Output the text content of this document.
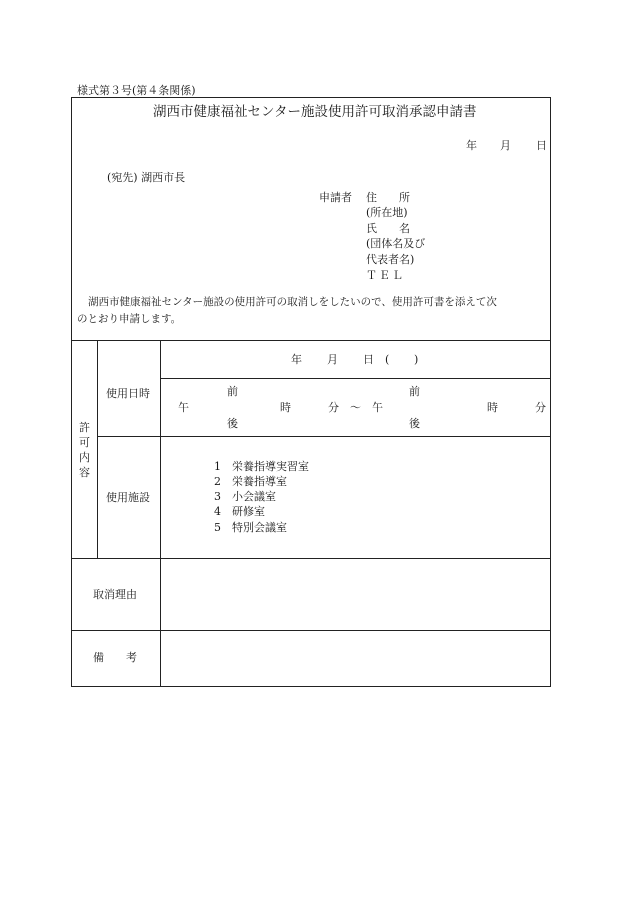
様式第３号(第４条関係)
湖西市健康福祉センター施設使用許可取消承認申請書
年 月 日
(宛先) 湖西市長
申請者 住　　所
(所在地)
氏　　名
(団体名及び
代表者名)
ＴＥＬ
湖西市健康福祉センター施設の使用許可の取消しをしたいので、使用許可書を添えて次
のとおり申請します。
許
可
内
容
使用日時
年 月 日 ( )
前
午
後
時	分 〜
前
午
後
時	分
使用施設
1　栄養指導実習室
2　栄養指導室
3　小会議室
4　研修室
5　特別会議室
取消理由
備　　考
